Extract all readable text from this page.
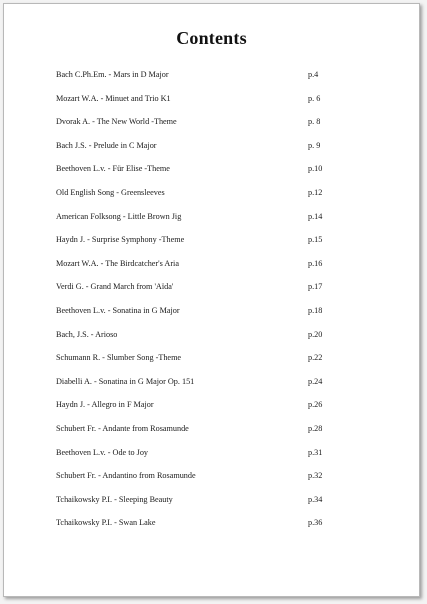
Contents
Bach C.Ph.Em. - Mars in D Major	p.4
Mozart W.A. - Minuet and Trio K1	p. 6
Dvorak A. - The New World -Theme	p. 8
Bach J.S. - Prelude in C Major	p. 9
Beethoven L.v. - Für Elise -Theme	p.10
Old English Song - Greensleeves	p.12
American Folksong - Little Brown Jig	p.14
Haydn J. - Surprise Symphony -Theme	p.15
Mozart W.A. - The Birdcatcher's Aria	p.16
Verdi G. - Grand March from 'Aïda'	p.17
Beethoven L.v. - Sonatina in G Major	p.18
Bach, J.S. - Arioso	p.20
Schumann R. - Slumber Song -Theme	p.22
Diabelli A. - Sonatina in G Major Op. 151	p.24
Haydn J. - Allegro in F Major	p.26
Schubert Fr. - Andante from Rosamunde	p.28
Beethoven L.v. - Ode to Joy	p.31
Schubert Fr. - Andantino from Rosamunde	p.32
Tchaikowsky P.I. - Sleeping Beauty	p.34
Tchaikowsky P.I. - Swan Lake	p.36
